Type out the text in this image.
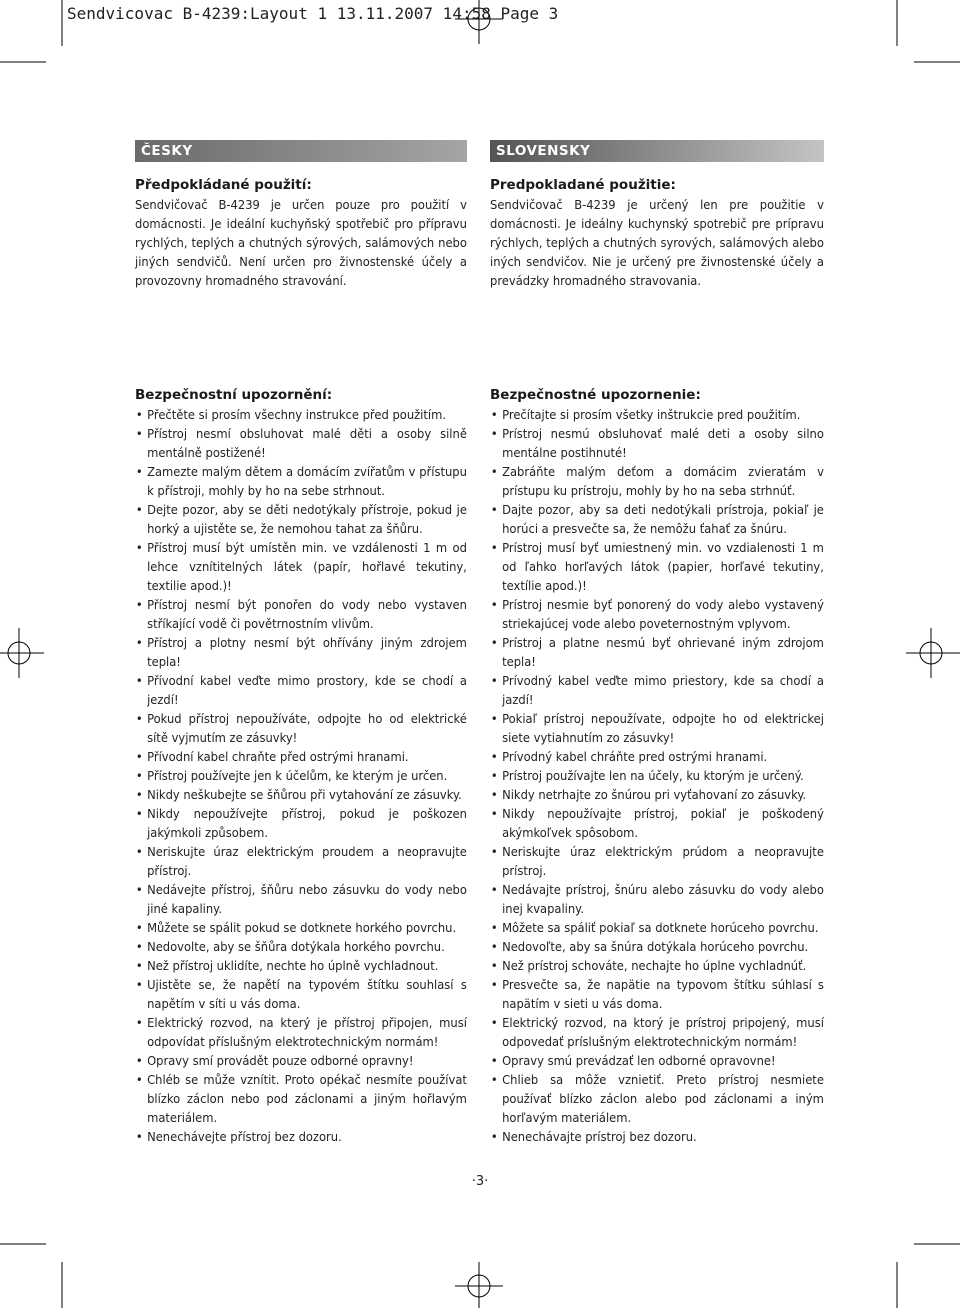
Sendvicovac B-4239:Layout 1 13.11.2007 14:58 Page 3
ČESKY
Předpokládané použití:

Sendvičovač B-4239 je určen pouze pro použití v domácnosti. Je ideální kuchyňský spotřebič pro přípravu rychlých, teplých a chutných sýrových, salámových nebo jiných sendvičů. Není určen pro živnostenské účely a provozovny hromadného stravování.

Bezpečnostní upozornění:
• Přečtěte si prosím všechny instrukce před použitím.
• Přístroj nesmí obsluhovat malé děti a osoby silně mentálně postižené!
• Zamezte malým dětem a domácím zvířatům v přístupu k přístroji, mohly by ho na sebe strhnout.
• Dejte pozor, aby se děti nedotýkaly přístroje, pokud je horký a ujistěte se, že nemohou tahat za šňůru.
• Přístroj musí být umístěn min. ve vzdálenosti 1 m od lehce vznítitelných látek (papír, hořlavé tekutiny, textilie apod.)!
• Přístroj nesmí být ponořen do vody nebo vystaven stříkající vodě či povětrnostním vlivům.
• Přístroj a plotny nesmí být ohřívány jiným zdrojem tepla!
• Přívodní kabel veďte mimo prostory, kde se chodí a jezdí!
• Pokud přístroj nepoužíváte, odpojte ho od elektrické sítě vyjmutím ze zásuvky!
• Přívodní kabel chraňte před ostrými hranami.
• Přístroj používejte jen k účelům, ke kterým je určen.
• Nikdy neškubejte se šňůrou při vytahování ze zásuvky.
• Nikdy nepoužívejte přístroj, pokud je poškozen jakýmkoli způsobem.
• Neriskujte úraz elektrickým proudem a neopravujte přístroj.
• Nedávejte přístroj, šňůru nebo zásuvku do vody nebo jiné kapaliny.
• Můžete se spálit pokud se dotknete horkého povrchu.
• Nedovolte, aby se šňůra dotýkala horkého povrchu.
• Než přístroj uklidíte, nechte ho úplně vychladnout.
• Ujistěte se, že napětí na typovém štítku souhlasí s napětím v síti u vás doma.
• Elektrický rozvod, na který je přístroj připojen, musí odpovídat příslušným elektrotechnickým normám!
• Opravy smí provádět pouze odborné opravny!
• Chléb se může vznítit. Proto opékač nesmíte používat blízko záclon nebo pod záclonami a jiným hořlavým materiálem.
• Nenechávejte přístroj bez dozoru.
SLOVENSKY
Predpokladané použitie:

Sendvičovač B-4239 je určený len pre použitie v domácnosti. Je ideálny kuchynský spotrebič pre prípravu rýchlych, teplých a chutných syrových, salámových alebo iných sendvičov. Nie je určený pre živnostenské účely a prevádzky hromadného stravovania.

Bezpečnostné upozornenie:
• Prečítajte si prosím všetky inštrukcie pred použitím.
• Prístroj nesmú obsluhovať malé deti a osoby silno mentálne postihnuté!
• Zabráňte malým deťom a domácim zvieratám v prístupu ku prístroju, mohly by ho na seba strhnúť.
• Dajte pozor, aby sa deti nedotýkali prístroja, pokiaľ je horúci a presvečte sa, že nemôžu ťahať za šnúru.
• Prístroj musí byť umiestnený min. vo vzdialenosti 1 m od ľahko horľavých látok (papier, horľavé tekutiny, textílie apod.)!
• Prístroj nesmie byť ponorený do vody alebo vystavený striekajúcej vode alebo poveternostným vplyvom.
• Prístroj a platne nesmú byť ohrievané iným zdrojom tepla!
• Prívodný kabel veďte mimo priestory, kde sa chodí a jazdí!
• Pokiaľ prístroj nepoužívate, odpojte ho od elektrickej siete vytiahnutím zo zásuvky!
• Prívodný kabel chráňte pred ostrými hranami.
• Prístroj používajte len na účely, ku ktorým je určený.
• Nikdy netrhajte zo šnúrou pri vyťahovaní zo zásuvky.
• Nikdy nepoužívajte prístroj, pokiaľ je poškodený akýmkoľvek spôsobom.
• Neriskujte úraz elektrickým prúdom a neopravujte prístroj.
• Nedávajte prístroj, šnúru alebo zásuvku do vody alebo inej kvapaliny.
• Môžete sa spáliť pokiaľ sa dotknete horúceho povrchu.
• Nedovoľte, aby sa šnúra dotýkala horúceho povrchu.
• Než prístroj schováte, nechajte ho úplne vychladnúť.
• Presvečte sa, že napätie na typovom štítku súhlasí s napätím v sieti u vás doma.
• Elektrický rozvod, na ktorý je prístroj pripojený, musí odpovedať príslušným elektrotechnickým normám!
• Opravy smú prevádzať len odborné opravovne!
• Chlieb sa môže vznietiť. Preto prístroj nesmiete používať blízko záclon alebo pod záclonami a iným horľavým materiálem.
• Nenechávajte prístroj bez dozoru.
·3·
